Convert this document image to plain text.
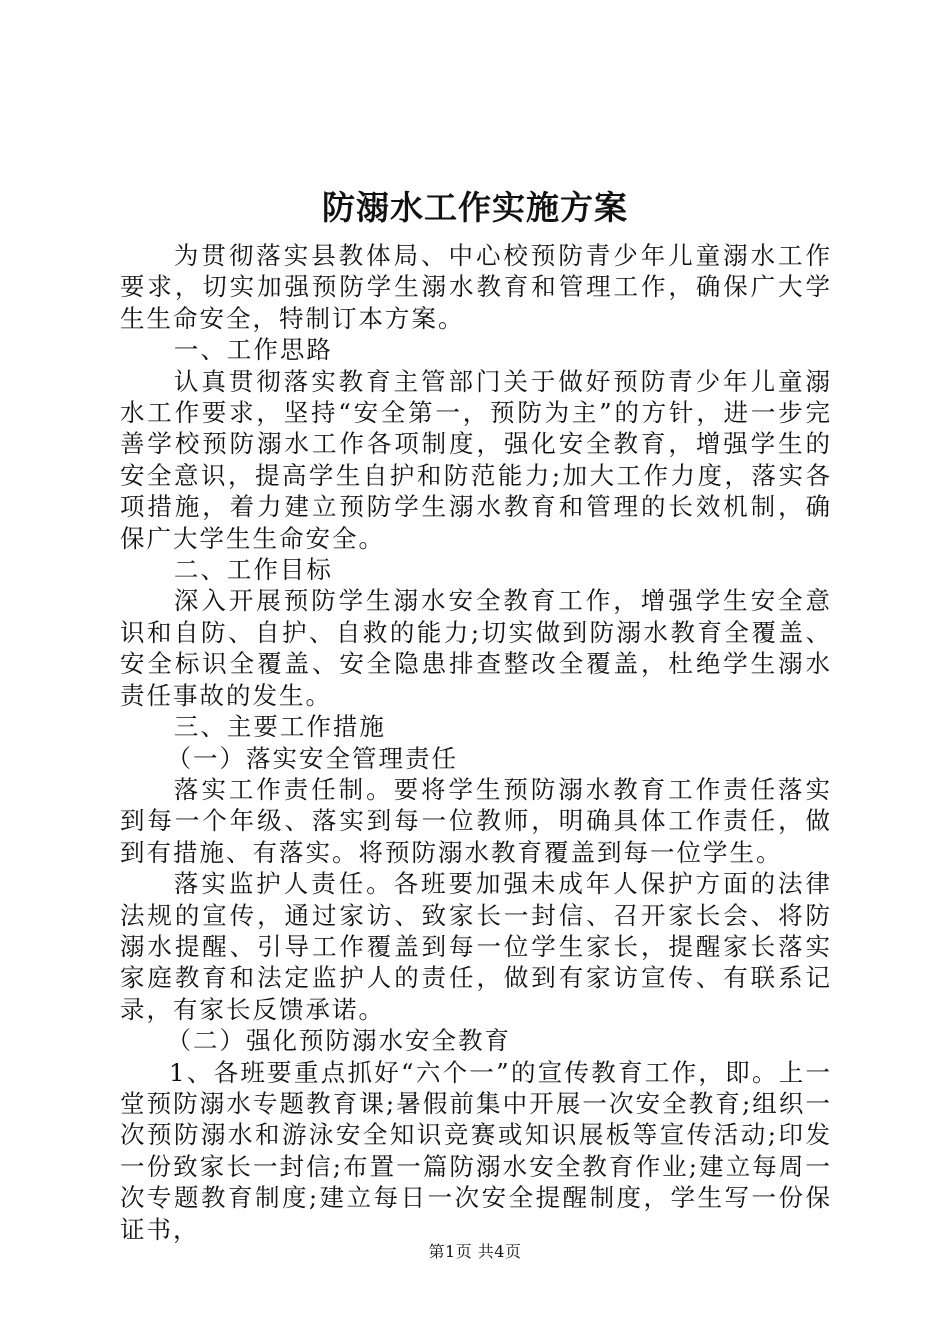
防溺水工作实施方案

为贯彻落实县教体局、中心校预防青少年儿童溺水工作要求，切实加强预防学生溺水教育和管理工作，确保广大学生生命安全，特制订本方案。

一、工作思路

认真贯彻落实教育主管部门关于做好预防青少年儿童溺水工作要求，坚持“安全第一，预防为主”的方针，进一步完善学校预防溺水工作各项制度，强化安全教育，增强学生的安全意识，提高学生自护和防范能力;加大工作力度，落实各项措施，着力建立预防学生溺水教育和管理的长效机制，确保广大学生生命安全。

二、工作目标

深入开展预防学生溺水安全教育工作，增强学生安全意识和自防、自护、自救的能力;切实做到防溺水教育全覆盖、安全标识全覆盖、安全隐患排查整改全覆盖，杜绝学生溺水责任事故的发生。

三、主要工作措施

（一）落实安全管理责任

落实工作责任制。要将学生预防溺水教育工作责任落实到每一个年级、落实到每一位教师，明确具体工作责任，做到有措施、有落实。将预防溺水教育覆盖到每一位学生。

落实监护人责任。各班要加强未成年人保护方面的法律法规的宣传，通过家访、致家长一封信、召开家长会、将防溺水提醒、引导工作覆盖到每一位学生家长，提醒家长落实家庭教育和法定监护人的责任，做到有家访宣传、有联系记录，有家长反馈承诺。

（二）强化预防溺水安全教育

1、各班要重点抓好“六个一”的宣传教育工作，即。上一堂预防溺水专题教育课;暑假前集中开展一次安全教育;组织一次预防溺水和游泳安全知识竞赛或知识展板等宣传活动;印发一份致家长一封信;布置一篇防溺水安全教育作业;建立每周一次专题教育制度;建立每日一次安全提醒制度，学生写一份保证书，

第1页 共4页
